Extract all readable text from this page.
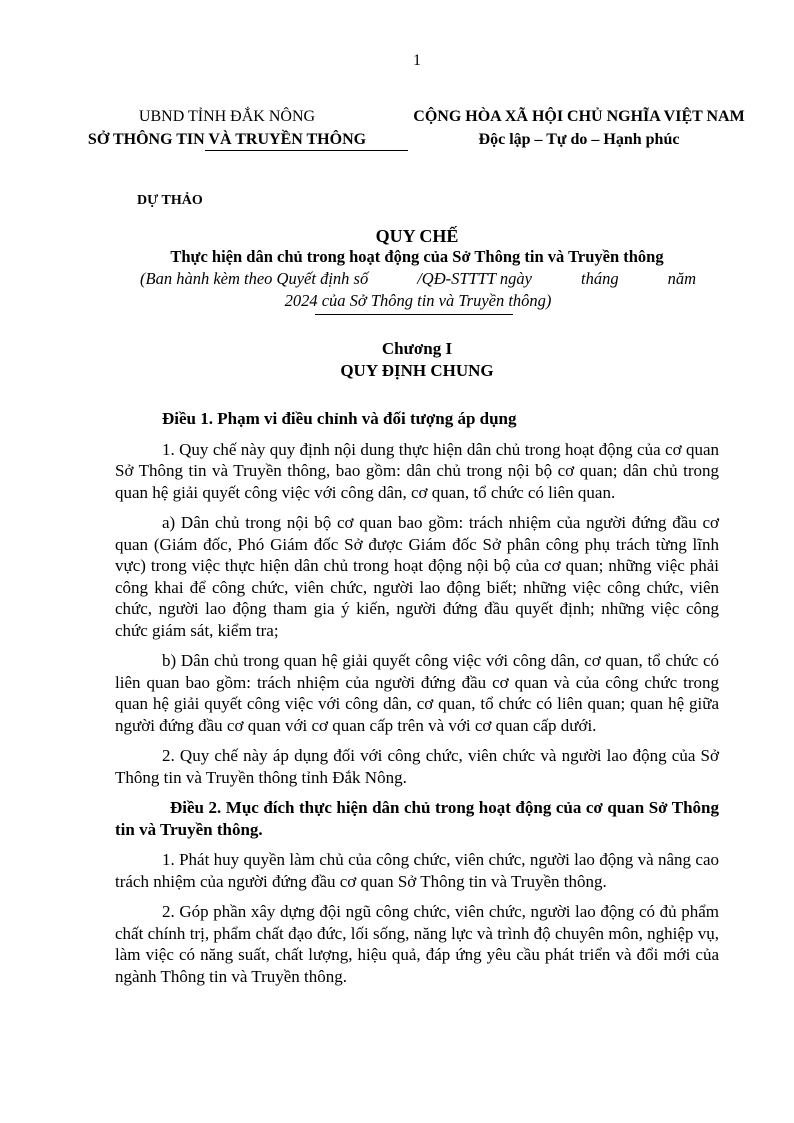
1
UBND TỈNH ĐẮK NÔNG
SỞ THÔNG TIN VÀ TRUYỀN THÔNG
CỘNG HÒA XÃ HỘI CHỦ NGHĨA VIỆT NAM
Độc lập – Tự do – Hạnh phúc
DỰ THẢO
QUY CHẾ
Thực hiện dân chủ trong hoạt động của Sở Thông tin và Truyền thông
(Ban hành kèm theo Quyết định số	/QĐ-STTTT ngày	tháng	năm
2024 của Sở Thông tin và Truyền thông)
Chương I
QUY ĐỊNH CHUNG

Điều 1. Phạm vi điều chỉnh và đối tượng áp dụng

1. Quy chế này quy định nội dung thực hiện dân chủ trong hoạt động của cơ quan Sở Thông tin và Truyền thông, bao gồm: dân chủ trong nội bộ cơ quan; dân chủ trong quan hệ giải quyết công việc với công dân, cơ quan, tổ chức có liên quan.

a) Dân chủ trong nội bộ cơ quan bao gồm: trách nhiệm của người đứng đầu cơ quan (Giám đốc, Phó Giám đốc Sở được Giám đốc Sở phân công phụ trách từng lĩnh vực) trong việc thực hiện dân chủ trong hoạt động nội bộ của cơ quan; những việc phải công khai để công chức, viên chức, người lao động biết; những việc công chức, viên chức, người lao động tham gia ý kiến, người đứng đầu quyết định; những việc công chức giám sát, kiểm tra;

b) Dân chủ trong quan hệ giải quyết công việc với công dân, cơ quan, tổ chức có liên quan bao gồm: trách nhiệm của người đứng đầu cơ quan và của công chức trong quan hệ giải quyết công việc với công dân, cơ quan, tổ chức có liên quan; quan hệ giữa người đứng đầu cơ quan với cơ quan cấp trên và với cơ quan cấp dưới.

2. Quy chế này áp dụng đối với công chức, viên chức và người lao động của Sở Thông tin và Truyền thông tỉnh Đắk Nông.

Điều 2. Mục đích thực hiện dân chủ trong hoạt động của cơ quan Sở Thông tin và Truyền thông.

1. Phát huy quyền làm chủ của công chức, viên chức, người lao động và nâng cao trách nhiệm của người đứng đầu cơ quan Sở Thông tin và Truyền thông.

2. Góp phần xây dựng đội ngũ công chức, viên chức, người lao động có đủ phẩm chất chính trị, phẩm chất đạo đức, lối sống, năng lực và trình độ chuyên môn, nghiệp vụ, làm việc có năng suất, chất lượng, hiệu quả, đáp ứng yêu cầu phát triển và đổi mới của ngành Thông tin và Truyền thông.
